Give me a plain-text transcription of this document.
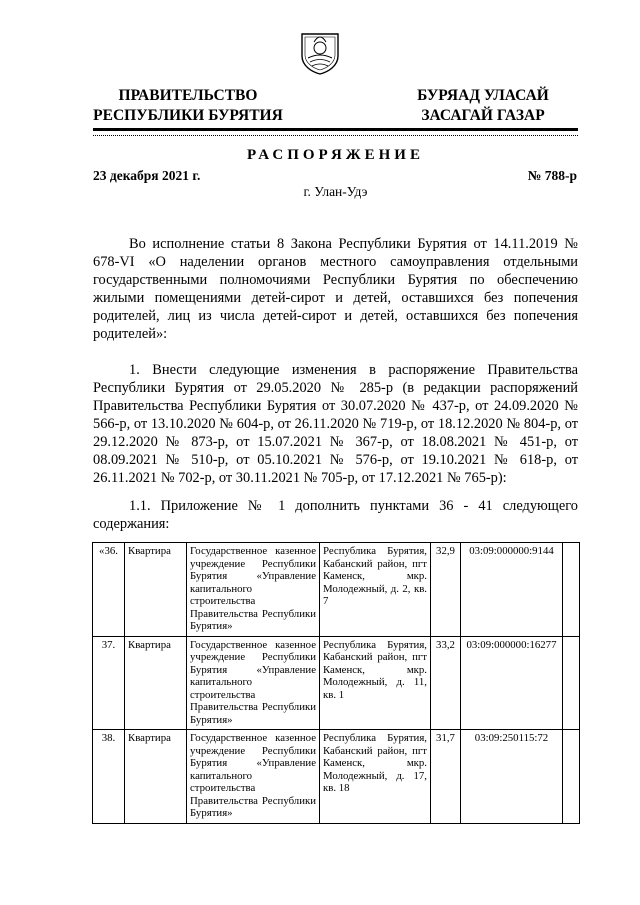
ПРАВИТЕЛЬСТВО
РЕСПУБЛИКИ БУРЯТИЯ
БУРЯАД УЛАСАЙ
ЗАСАГАЙ ГАЗАР
РАСПОРЯЖЕНИЕ
23 декабря 2021 г.	№ 788-р
г. Улан-Удэ

Во исполнение статьи 8 Закона Республики Бурятия от 14.11.2019 № 678-VI «О наделении органов местного самоуправления отдельными государственными полномочиями Республики Бурятия по обеспечению жилыми помещениями детей-сирот и детей, оставшихся без попечения родителей, лиц из числа детей-сирот и детей, оставшихся без попечения родителей»:

1. Внести следующие изменения в распоряжение Правительства Республики Бурятия от 29.05.2020 № 285-р (в редакции распоряжений Правительства Республики Бурятия от 30.07.2020 № 437-р, от 24.09.2020 № 566-р, от 13.10.2020 № 604-р, от 26.11.2020 № 719-р, от 18.12.2020 № 804-р, от 29.12.2020 № 873-р, от 15.07.2021 № 367-р, от 18.08.2021 № 451-р, от 08.09.2021 № 510-р, от 05.10.2021 № 576-р, от 19.10.2021 № 618-р, от 26.11.2021 № 702-р, от 30.11.2021 № 705-р, от 17.12.2021 № 765-р):

1.1. Приложение № 1 дополнить пунктами 36 - 41 следующего содержания:

«36.	Квартира	Государственное казенное учреждение Республики Бурятия «Управление капитального строительства Правительства Республики Бурятия»	Республика Бурятия, Кабанский район, пгт Каменск, мкр. Молодежный, д. 2, кв. 7	32,9	03:09:000000:9144	
37.	Квартира	Государственное казенное учреждение Республики Бурятия «Управление капитального строительства Правительства Республики Бурятия»	Республика Бурятия, Кабанский район, пгт Каменск, мкр. Молодежный, д. 11, кв. 1	33,2	03:09:000000:16277	
38.	Квартира	Государственное казенное учреждение Республики Бурятия «Управление капитального строительства Правительства Республики Бурятия»	Республика Бурятия, Кабанский район, пгт Каменск, мкр. Молодежный, д. 17, кв. 18	31,7	03:09:250115:72	
